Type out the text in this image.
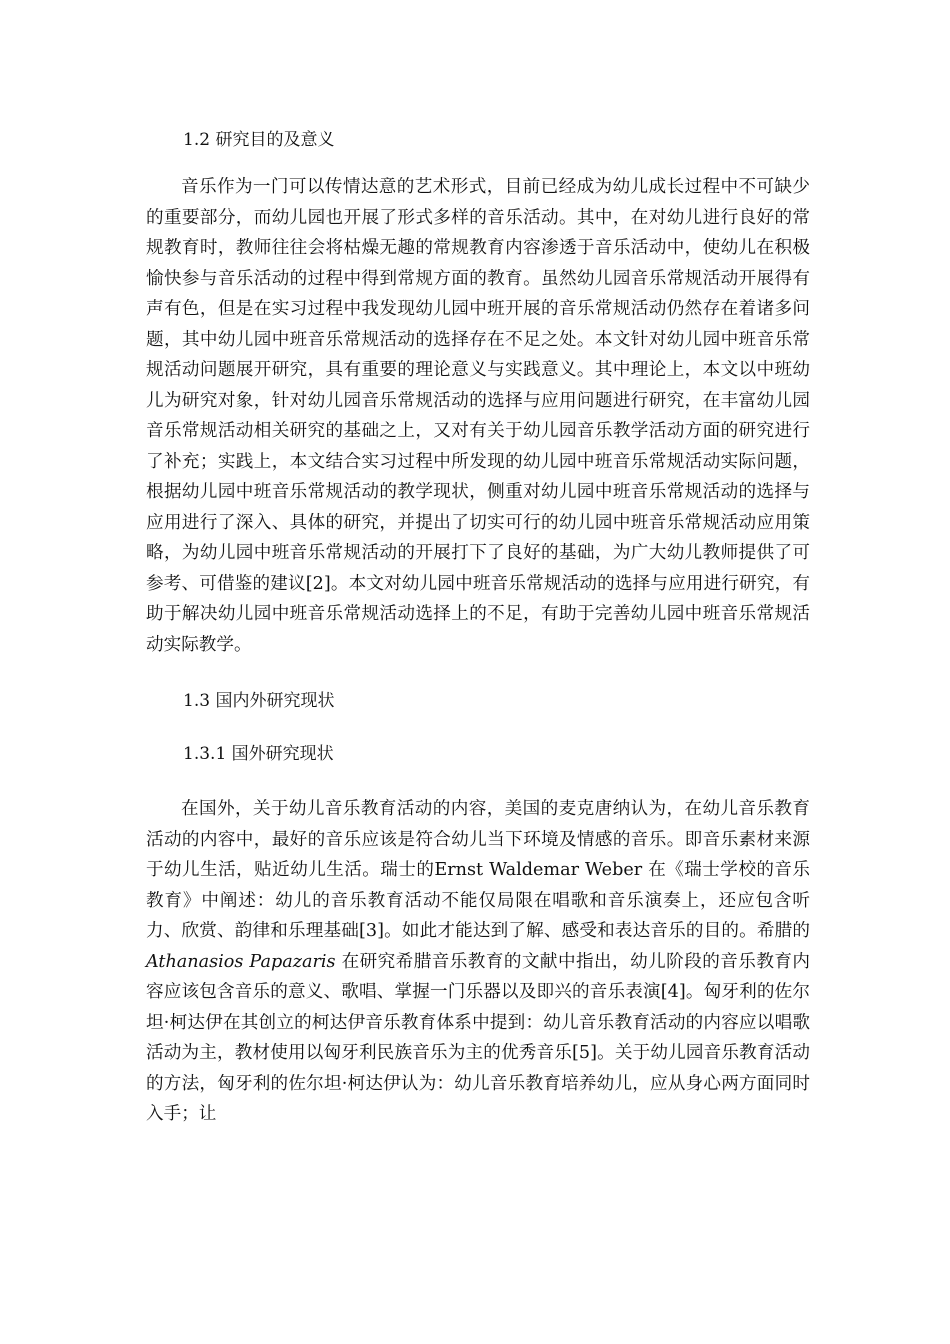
1.2 研究目的及意义

音乐作为一门可以传情达意的艺术形式，目前已经成为幼儿成长过程中不可缺少的重要部分，而幼儿园也开展了形式多样的音乐活动。其中，在对幼儿进行良好的常规教育时，教师往往会将枯燥无趣的常规教育内容渗透于音乐活动中，使幼儿在积极愉快参与音乐活动的过程中得到常规方面的教育。虽然幼儿园音乐常规活动开展得有声有色，但是在实习过程中我发现幼儿园中班开展的音乐常规活动仍然存在着诸多问题，其中幼儿园中班音乐常规活动的选择存在不足之处。本文针对幼儿园中班音乐常规活动问题展开研究，具有重要的理论意义与实践意义。其中理论上，本文以中班幼儿为研究对象，针对幼儿园音乐常规活动的选择与应用问题进行研究，在丰富幼儿园音乐常规活动相关研究的基础之上，又对有关于幼儿园音乐教学活动方面的研究进行了补充；实践上，本文结合实习过程中所发现的幼儿园中班音乐常规活动实际问题，根据幼儿园中班音乐常规活动的教学现状，侧重对幼儿园中班音乐常规活动的选择与应用进行了深入、具体的研究，并提出了切实可行的幼儿园中班音乐常规活动应用策略，为幼儿园中班音乐常规活动的开展打下了良好的基础，为广大幼儿教师提供了可参考、可借鉴的建议[2]。本文对幼儿园中班音乐常规活动的选择与应用进行研究，有助于解决幼儿园中班音乐常规活动选择上的不足，有助于完善幼儿园中班音乐常规活动实际教学。

1.3 国内外研究现状
1.3.1 国外研究现状

在国外，关于幼儿音乐教育活动的内容，美国的麦克唐纳认为，在幼儿音乐教育活动的内容中，最好的音乐应该是符合幼儿当下环境及情感的音乐。即音乐素材来源于幼儿生活，贴近幼儿生活。瑞士的Ernst Waldemar Weber 在《瑞士学校的音乐教育》中阐述：幼儿的音乐教育活动不能仅局限在唱歌和音乐演奏上，还应包含听力、欣赏、韵律和乐理基础[3]。如此才能达到了解、感受和表达音乐的目的。希腊的Athanasios Papazaris 在研究希腊音乐教育的文献中指出，幼儿阶段的音乐教育内容应该包含音乐的意义、歌唱、掌握一门乐器以及即兴的音乐表演[4]。匈牙利的佐尔坦·柯达伊在其创立的柯达伊音乐教育体系中提到：幼儿音乐教育活动的内容应以唱歌活动为主，教材使用以匈牙利民族音乐为主的优秀音乐[5]。关于幼儿园音乐教育活动的方法，匈牙利的佐尔坦·柯达伊认为：幼儿音乐教育培养幼儿，应从身心两方面同时入手；让
